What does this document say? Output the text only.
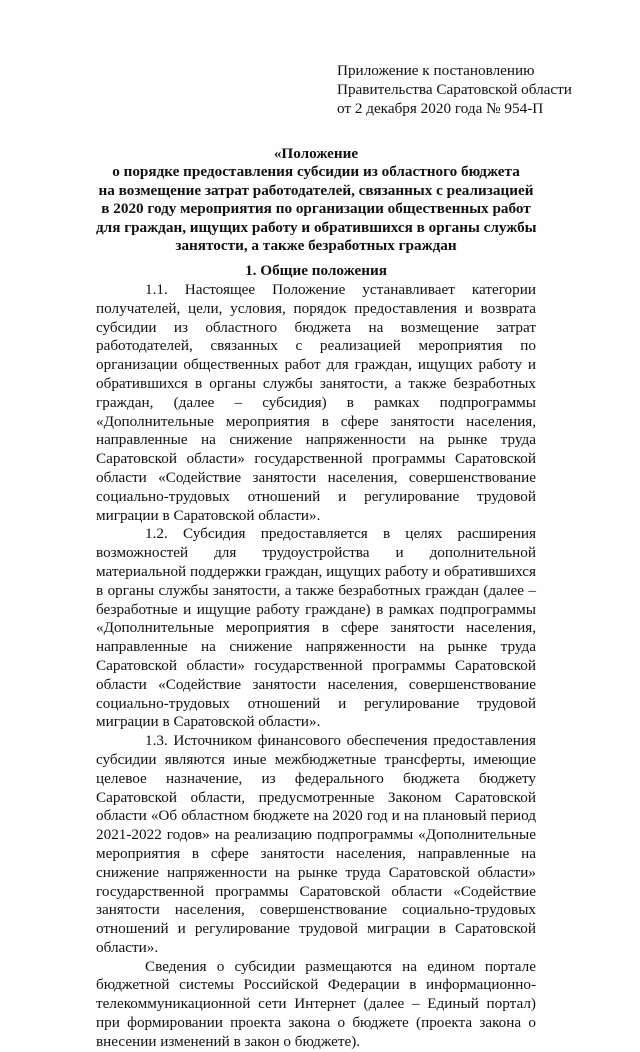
Приложение к постановлению
Правительства Саратовской области
от 2 декабря 2020 года № 954-П
«Положение
о порядке предоставления субсидии из областного бюджета
на возмещение затрат работодателей, связанных с реализацией
в 2020 году мероприятия по организации общественных работ
для граждан, ищущих работу и обратившихся в органы службы
занятости, а также безработных граждан
1. Общие положения

1.1. Настоящее Положение устанавливает категории получателей, цели, условия, порядок предоставления и возврата субсидии из областного бюджета на возмещение затрат работодателей, связанных с реализацией мероприятия по организации общественных работ для граждан, ищущих работу и обратившихся в органы службы занятости, а также безработных граждан, (далее – субсидия) в рамках подпрограммы «Дополнительные мероприятия в сфере занятости населения, направленные на снижение напряженности на рынке труда Саратовской области» государственной программы Саратовской области «Содействие занятости населения, совершенствование социально-трудовых отношений и регулирование трудовой миграции в Саратовской области».

1.2. Субсидия предоставляется в целях расширения возможностей для трудоустройства и дополнительной материальной поддержки граждан, ищущих работу и обратившихся в органы службы занятости, а также безработных граждан (далее – безработные и ищущие работу граждане) в рамках подпрограммы «Дополнительные мероприятия в сфере занятости населения, направленные на снижение напряженности на рынке труда Саратовской области» государственной программы Саратовской области «Содействие занятости населения, совершенствование социально-трудовых отношений и регулирование трудовой миграции в Саратовской области».

1.3. Источником финансового обеспечения предоставления субсидии являются иные межбюджетные трансферты, имеющие целевое назначение, из федерального бюджета бюджету Саратовской области, предусмотренные Законом Саратовской области «Об областном бюджете на 2020 год и на плановый период 2021-2022 годов» на реализацию подпрограммы «Дополнительные мероприятия в сфере занятости населения, направленные на снижение напряженности на рынке труда Саратовской области» государственной программы Саратовской области «Содействие занятости населения, совершенствование социально-трудовых отношений и регулирование трудовой миграции в Саратовской области».

Сведения о субсидии размещаются на едином портале бюджетной системы Российской Федерации в информационно-телекоммуникационной сети Интернет (далее – Единый портал) при формировании проекта закона о бюджете (проекта закона о внесении изменений в закон о бюджете).
